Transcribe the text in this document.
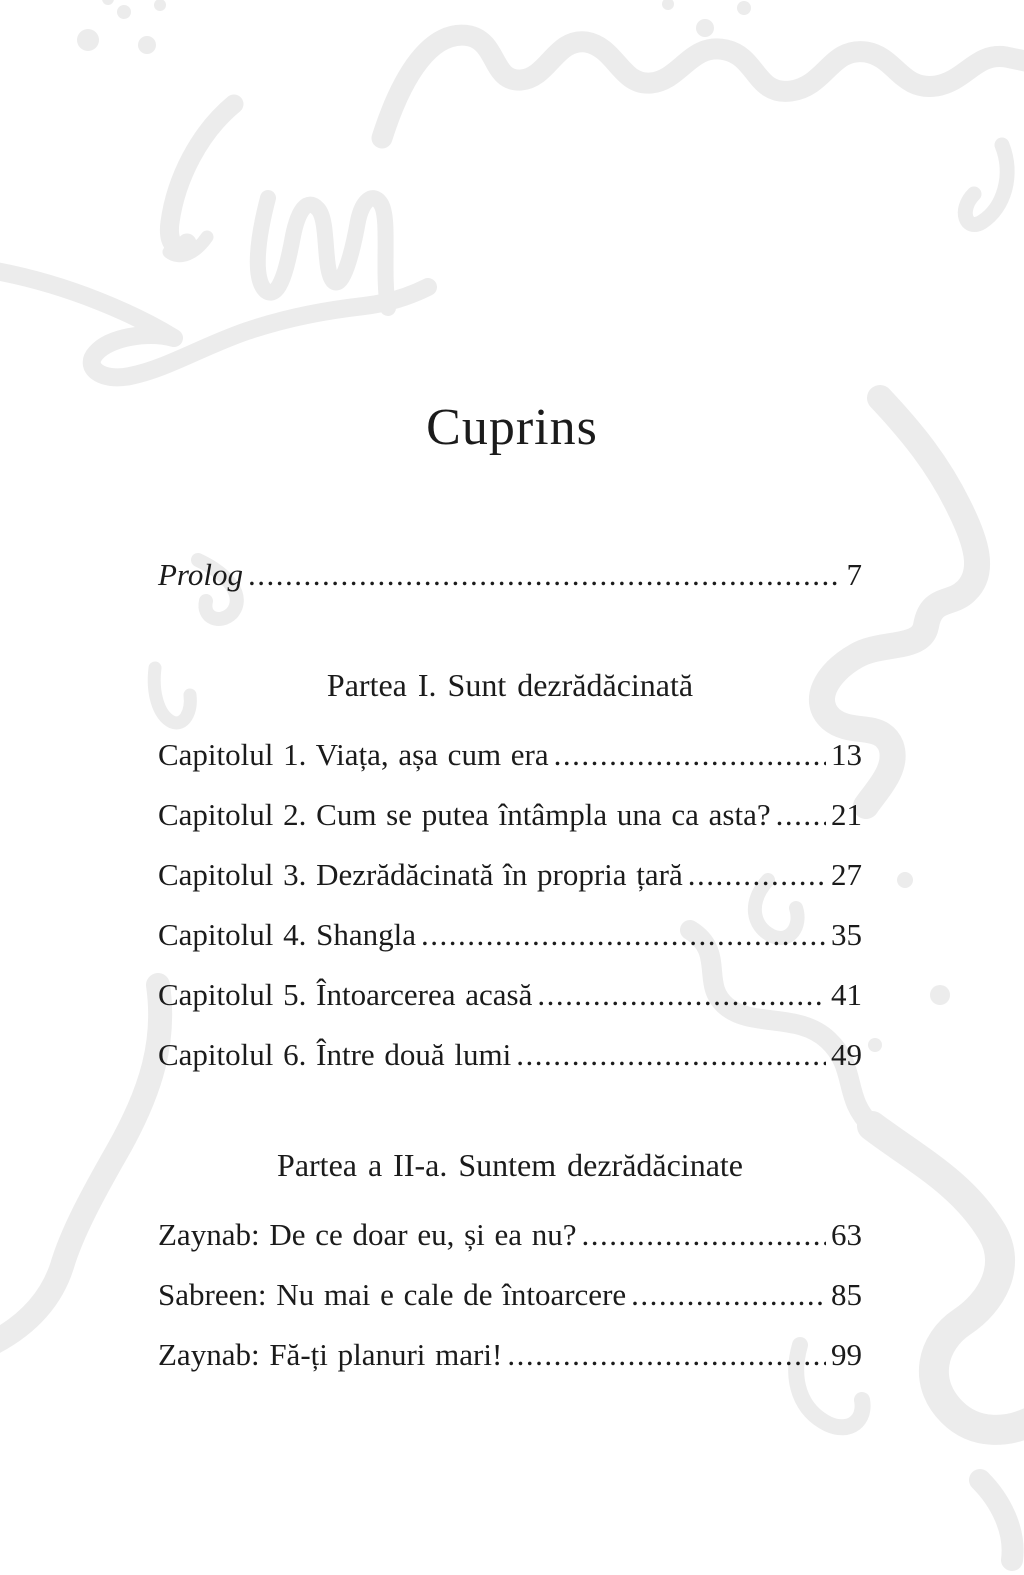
Cuprins
Prolog .....	7
Partea I. Sunt dezrădăcinată
Capitolul 1. Viața, așa cum era .....	13
Capitolul 2. Cum se putea întâmpla una ca asta? ..... 21
Capitolul 3. Dezrădăcinată în propria țară .....	27
Capitolul 4. Shangla .....	35
Capitolul 5. Întoarcerea acasă .....	41
Capitolul 6. Între două lumi .....	49
Partea a II-a. Suntem dezrădăcinate
Zaynab: De ce doar eu, și ea nu? .....	63
Sabreen: Nu mai e cale de întoarcere .....	85
Zaynab: Fă-ți planuri mari! .....	99
